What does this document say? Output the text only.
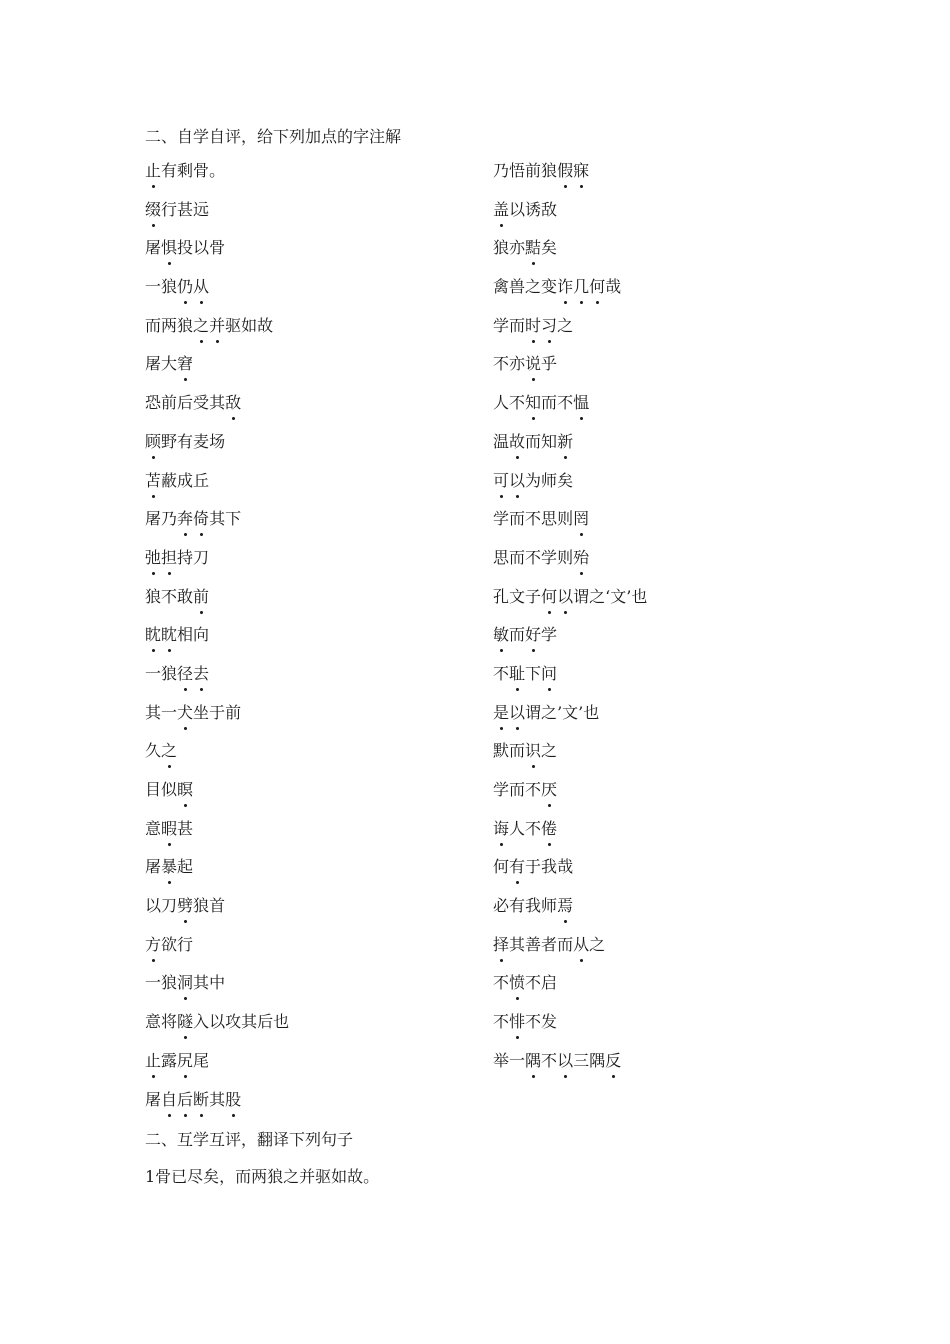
二、自学自评，给下列加点的字注解
止有剩骨。
缀行甚远
屠惧投以骨
一狼仍从
而两狼之并驱如故
屠大窘
恐前后受其敌
顾野有麦场
苫蔽成丘
屠乃奔倚其下
弛担持刀
狼不敢前
眈眈相向
一狼径去
其一犬坐于前
久之
目似瞑
意暇甚
屠暴起
以刀劈狼首
方欲行
一狼洞其中
意将隧入以攻其后也
止露尻尾
屠自后断其股
乃悟前狼假寐
盖以诱敌
狼亦黠矣
禽兽之变诈几何哉
学而时习之
不亦说乎
人不知而不愠
温故而知新
可以为师矣
学而不思则罔
思而不学则殆
孔文子何以谓之‘文’也
敏而好学
不耻下问
是以谓之’文’也
默而识之
学而不厌
诲人不倦
何有于我哉
必有我师焉
择其善者而从之
不愤不启
不悱不发
举一隅不以三隅反
二、互学互评，翻译下列句子
1骨已尽矣，而两狼之并驱如故。
